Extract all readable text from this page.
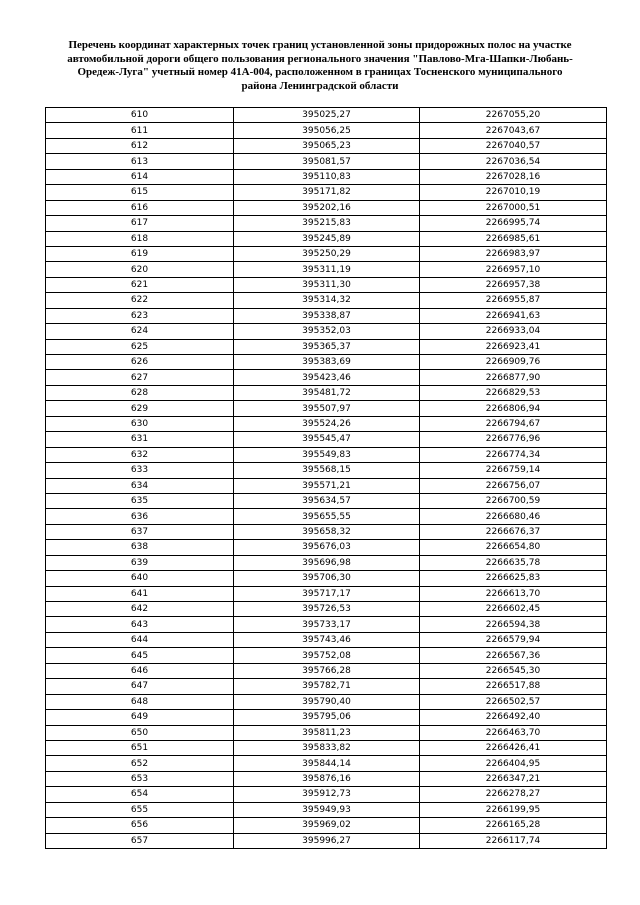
Перечень координат характерных точек границ установленной зоны придорожных полос на участке
автомобильной дороги общего пользования регионального значения "Павлово-Мга-Шапки-Любань-
Оредеж-Луга" учетный номер 41А-004, расположенном в границах Тосненского муниципального
района Ленинградской области
610	395025,27	2267055,20
611	395056,25	2267043,67
612	395065,23	2267040,57
613	395081,57	2267036,54
614	395110,83	2267028,16
615	395171,82	2267010,19
616	395202,16	2267000,51
617	395215,83	2266995,74
618	395245,89	2266985,61
619	395250,29	2266983,97
620	395311,19	2266957,10
621	395311,30	2266957,38
622	395314,32	2266955,87
623	395338,87	2266941,63
624	395352,03	2266933,04
625	395365,37	2266923,41
626	395383,69	2266909,76
627	395423,46	2266877,90
628	395481,72	2266829,53
629	395507,97	2266806,94
630	395524,26	2266794,67
631	395545,47	2266776,96
632	395549,83	2266774,34
633	395568,15	2266759,14
634	395571,21	2266756,07
635	395634,57	2266700,59
636	395655,55	2266680,46
637	395658,32	2266676,37
638	395676,03	2266654,80
639	395696,98	2266635,78
640	395706,30	2266625,83
641	395717,17	2266613,70
642	395726,53	2266602,45
643	395733,17	2266594,38
644	395743,46	2266579,94
645	395752,08	2266567,36
646	395766,28	2266545,30
647	395782,71	2266517,88
648	395790,40	2266502,57
649	395795,06	2266492,40
650	395811,23	2266463,70
651	395833,82	2266426,41
652	395844,14	2266404,95
653	395876,16	2266347,21
654	395912,73	2266278,27
655	395949,93	2266199,95
656	395969,02	2266165,28
657	395996,27	2266117,74
